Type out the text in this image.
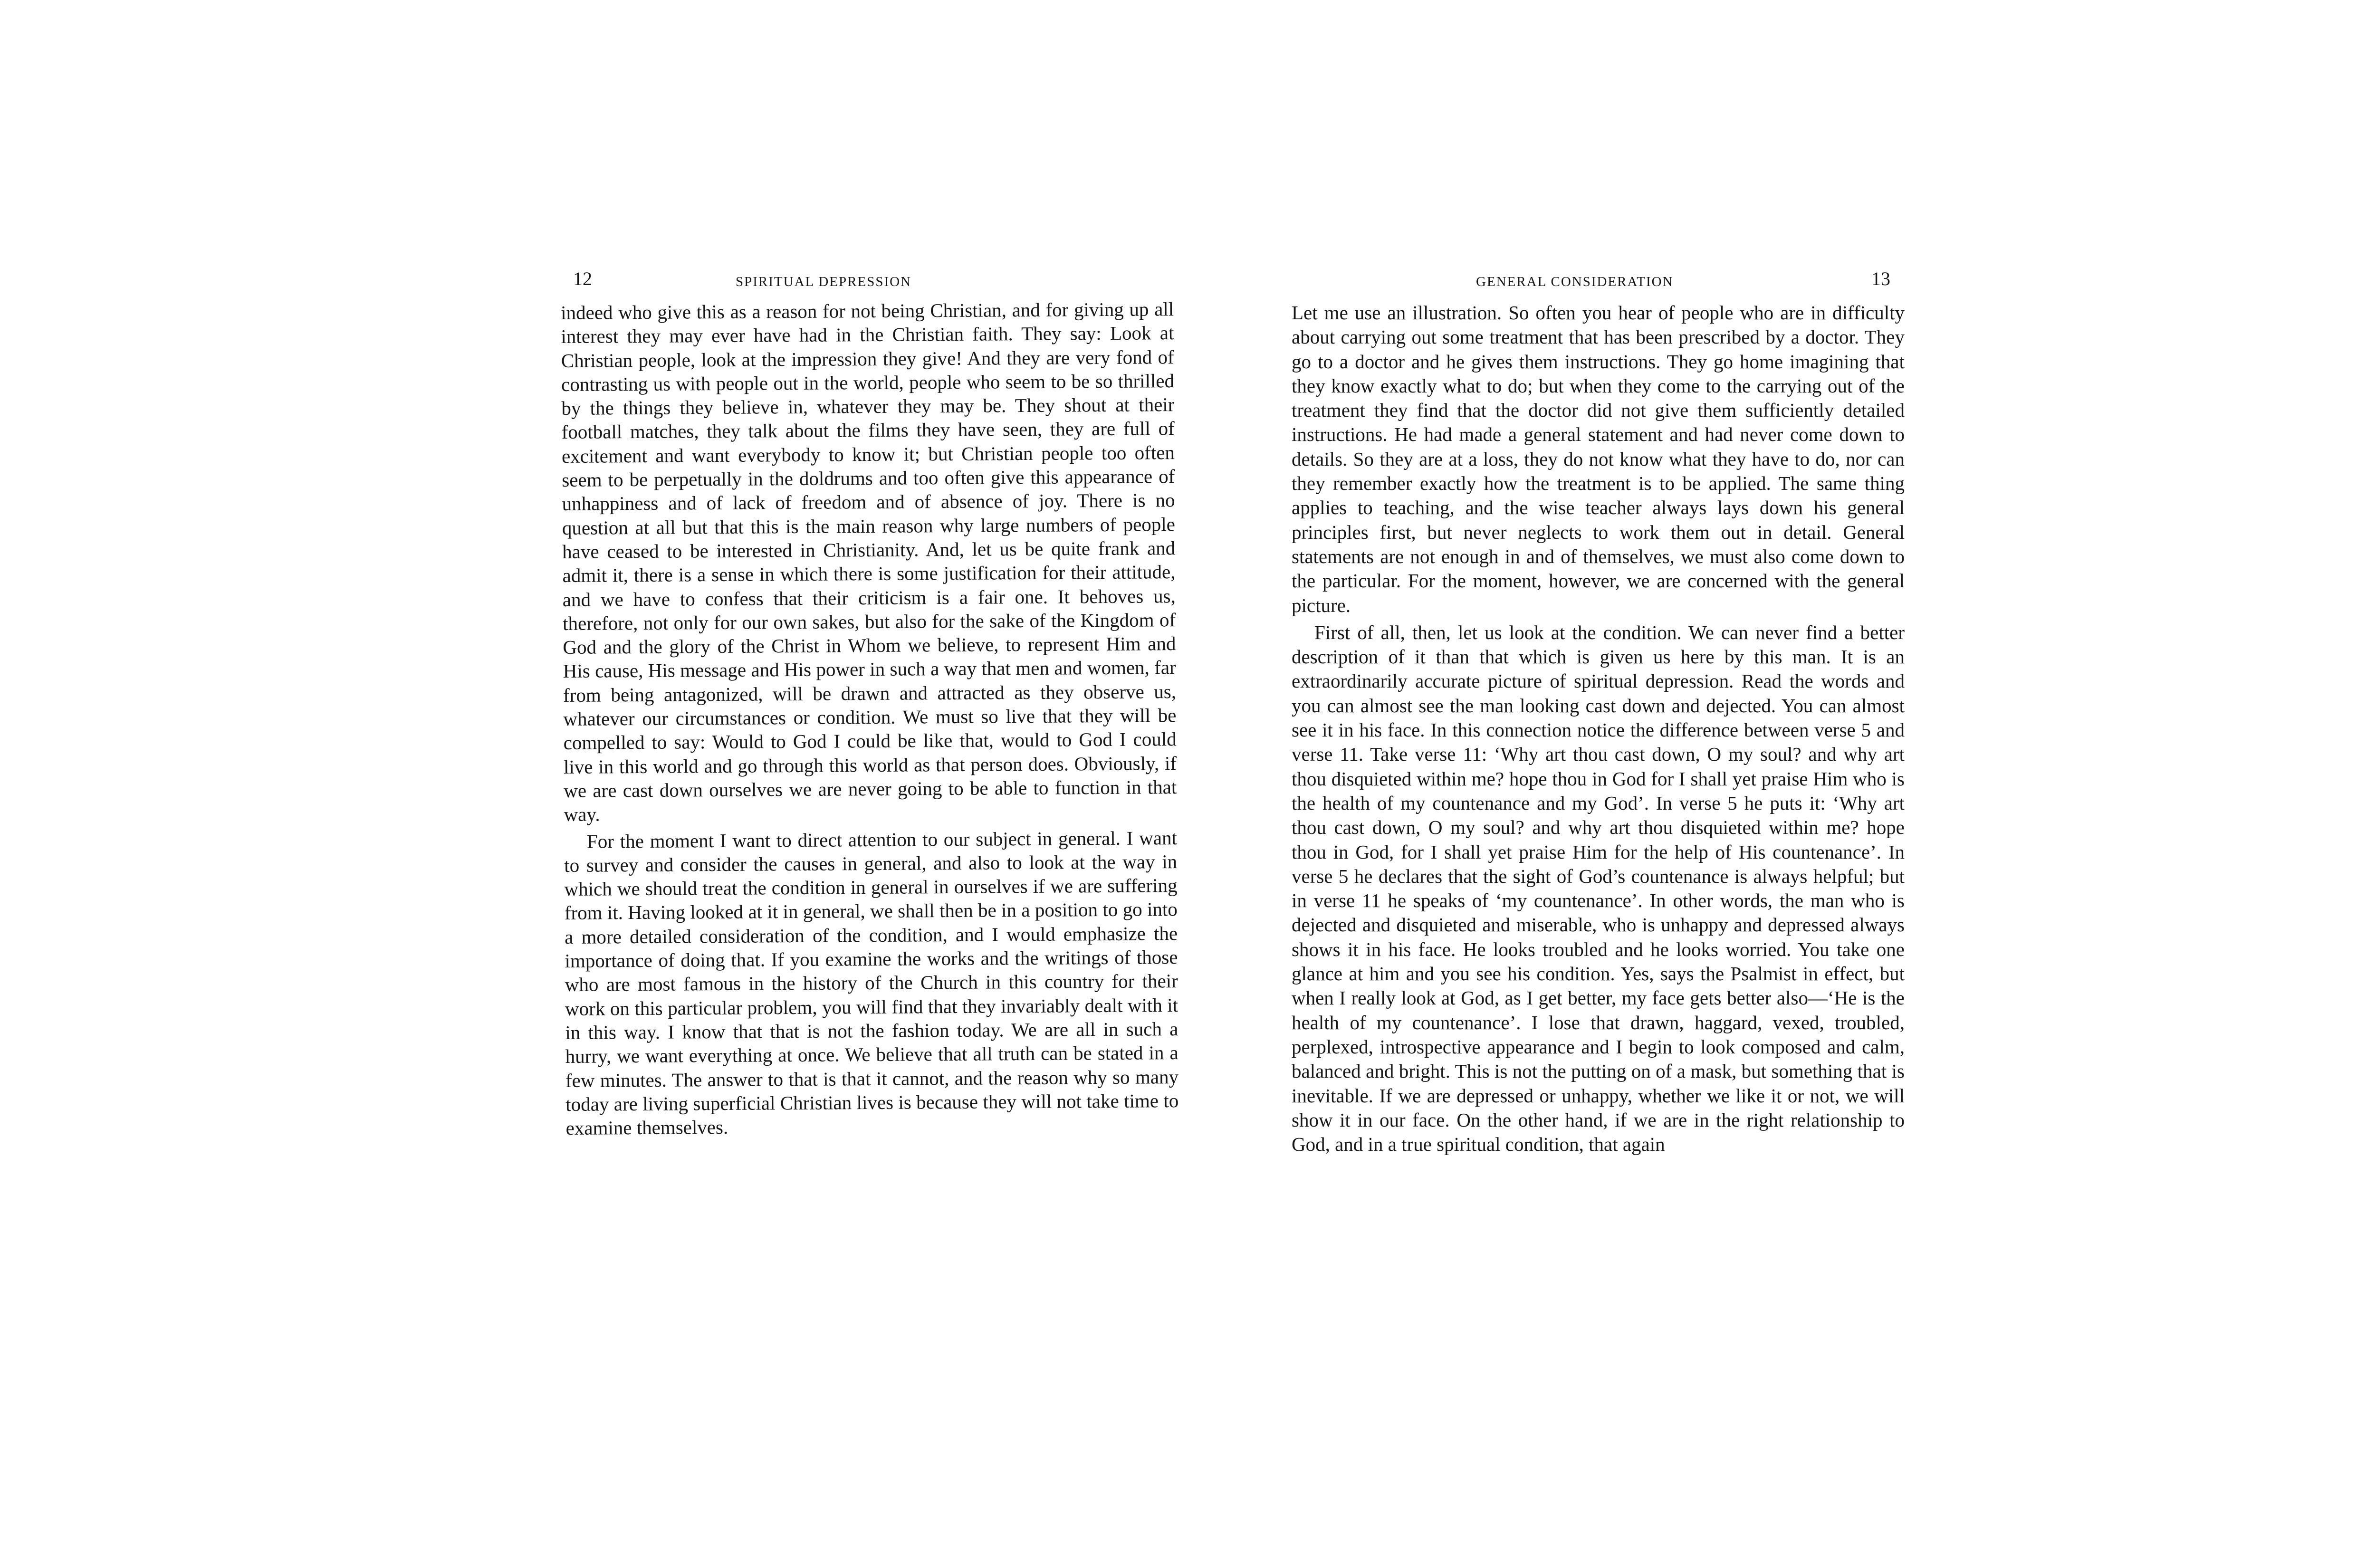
12	SPIRITUAL DEPRESSION

indeed who give this as a reason for not being Christian, and for giving up all interest they may ever have had in the Christian faith. They say: Look at Christian people, look at the impression they give! And they are very fond of contrasting us with people out in the world, people who seem to be so thrilled by the things they believe in, whatever they may be. They shout at their football matches, they talk about the films they have seen, they are full of excitement and want everybody to know it; but Christian people too often seem to be perpetually in the doldrums and too often give this appearance of unhappiness and of lack of freedom and of absence of joy. There is no question at all but that this is the main reason why large numbers of people have ceased to be interested in Christianity. And, let us be quite frank and admit it, there is a sense in which there is some justification for their attitude, and we have to confess that their criticism is a fair one. It behoves us, therefore, not only for our own sakes, but also for the sake of the Kingdom of God and the glory of the Christ in Whom we believe, to represent Him and His cause, His message and His power in such a way that men and women, far from being antagonized, will be drawn and attracted as they observe us, whatever our circumstances or condition. We must so live that they will be compelled to say: Would to God I could be like that, would to God I could live in this world and go through this world as that person does. Obviously, if we are cast down ourselves we are never going to be able to function in that way.

For the moment I want to direct attention to our subject in general. I want to survey and consider the causes in general, and also to look at the way in which we should treat the condition in general in ourselves if we are suffering from it. Having looked at it in general, we shall then be in a position to go into a more detailed consideration of the condition, and I would emphasize the importance of doing that. If you examine the works and the writings of those who are most famous in the history of the Church in this country for their work on this particular problem, you will find that they invariably dealt with it in this way. I know that that is not the fashion today. We are all in such a hurry, we want everything at once. We believe that all truth can be stated in a few minutes. The answer to that is that it cannot, and the reason why so many today are living superficial Christian lives is because they will not take time to examine themselves.

GENERAL CONSIDERATION	13

Let me use an illustration. So often you hear of people who are in difficulty about carrying out some treatment that has been prescribed by a doctor. They go to a doctor and he gives them instructions. They go home imagining that they know exactly what to do; but when they come to the carrying out of the treatment they find that the doctor did not give them sufficiently detailed instructions. He had made a general statement and had never come down to details. So they are at a loss, they do not know what they have to do, nor can they remember exactly how the treatment is to be applied. The same thing applies to teaching, and the wise teacher always lays down his general principles first, but never neglects to work them out in detail. General statements are not enough in and of themselves, we must also come down to the particular. For the moment, however, we are concerned with the general picture.

First of all, then, let us look at the condition. We can never find a better description of it than that which is given us here by this man. It is an extraordinarily accurate picture of spiritual depression. Read the words and you can almost see the man looking cast down and dejected. You can almost see it in his face. In this connection notice the difference between verse 5 and verse 11. Take verse 11: ‘Why art thou cast down, O my soul? and why art thou disquieted within me? hope thou in God for I shall yet praise Him who is the health of my countenance and my God’. In verse 5 he puts it: ‘Why art thou cast down, O my soul? and why art thou disquieted within me? hope thou in God, for I shall yet praise Him for the help of His countenance’. In verse 5 he declares that the sight of God’s countenance is always helpful; but in verse 11 he speaks of ‘my countenance’. In other words, the man who is dejected and disquieted and miserable, who is unhappy and depressed always shows it in his face. He looks troubled and he looks worried. You take one glance at him and you see his condition. Yes, says the Psalmist in effect, but when I really look at God, as I get better, my face gets better also—‘He is the health of my countenance’. I lose that drawn, haggard, vexed, troubled, perplexed, introspective appearance and I begin to look composed and calm, balanced and bright. This is not the putting on of a mask, but something that is inevitable. If we are depressed or unhappy, whether we like it or not, we will show it in our face. On the other hand, if we are in the right relationship to God, and in a true spiritual condition, that again
